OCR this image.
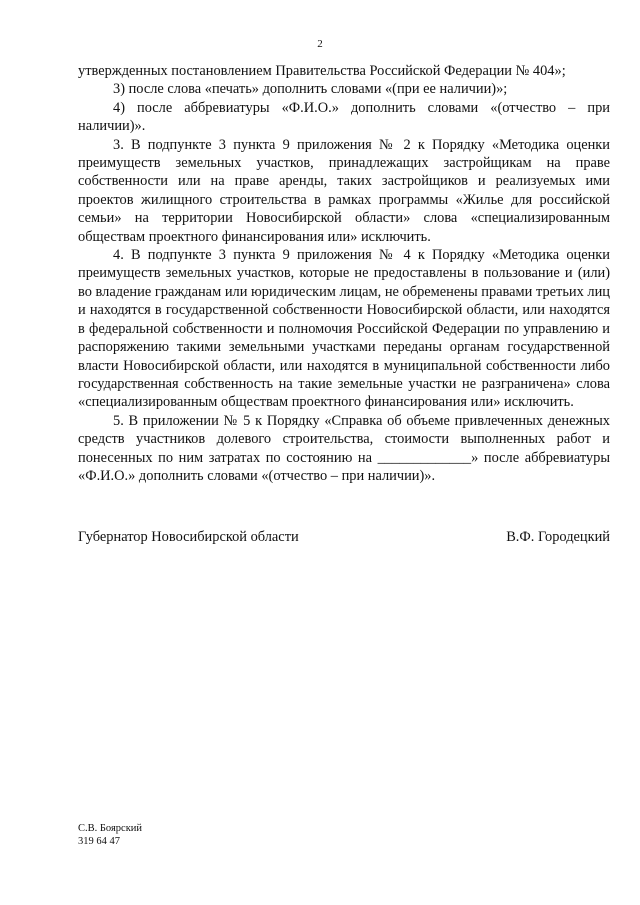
2

утвержденных постановлением Правительства Российской Федерации № 404»;

3) после слова «печать» дополнить словами «(при ее наличии)»;

4) после аббревиатуры «Ф.И.О.» дополнить словами «(отчество – при наличии)».

3. В подпункте 3 пункта 9 приложения № 2 к Порядку «Методика оценки преимуществ земельных участков, принадлежащих застройщикам на праве собственности или на праве аренды, таких застройщиков и реализуемых ими проектов жилищного строительства в рамках программы «Жилье для российской семьи» на территории Новосибирской области» слова «специализированным обществам проектного финансирования или» исключить.

4. В подпункте 3 пункта 9 приложения № 4 к Порядку «Методика оценки преимуществ земельных участков, которые не предоставлены в пользование и (или) во владение гражданам или юридическим лицам, не обременены правами третьих лиц и находятся в государственной собственности Новосибирской области, или находятся в федеральной собственности и полномочия Российской Федерации по управлению и распоряжению такими земельными участками переданы органам государственной власти Новосибирской области, или находятся в муниципальной собственности либо государственная собственность на такие земельные участки не разграничена» слова «специализированным обществам проектного финансирования или» исключить.

5. В приложении № 5 к Порядку «Справка об объеме привлеченных денежных средств участников долевого строительства, стоимости выполненных работ и понесенных по ним затратах по состоянию на _____________» после аббревиатуры «Ф.И.О.» дополнить словами «(отчество – при наличии)».

Губернатор Новосибирской области	В.Ф. Городецкий
С.В. Боярский
319 64 47
